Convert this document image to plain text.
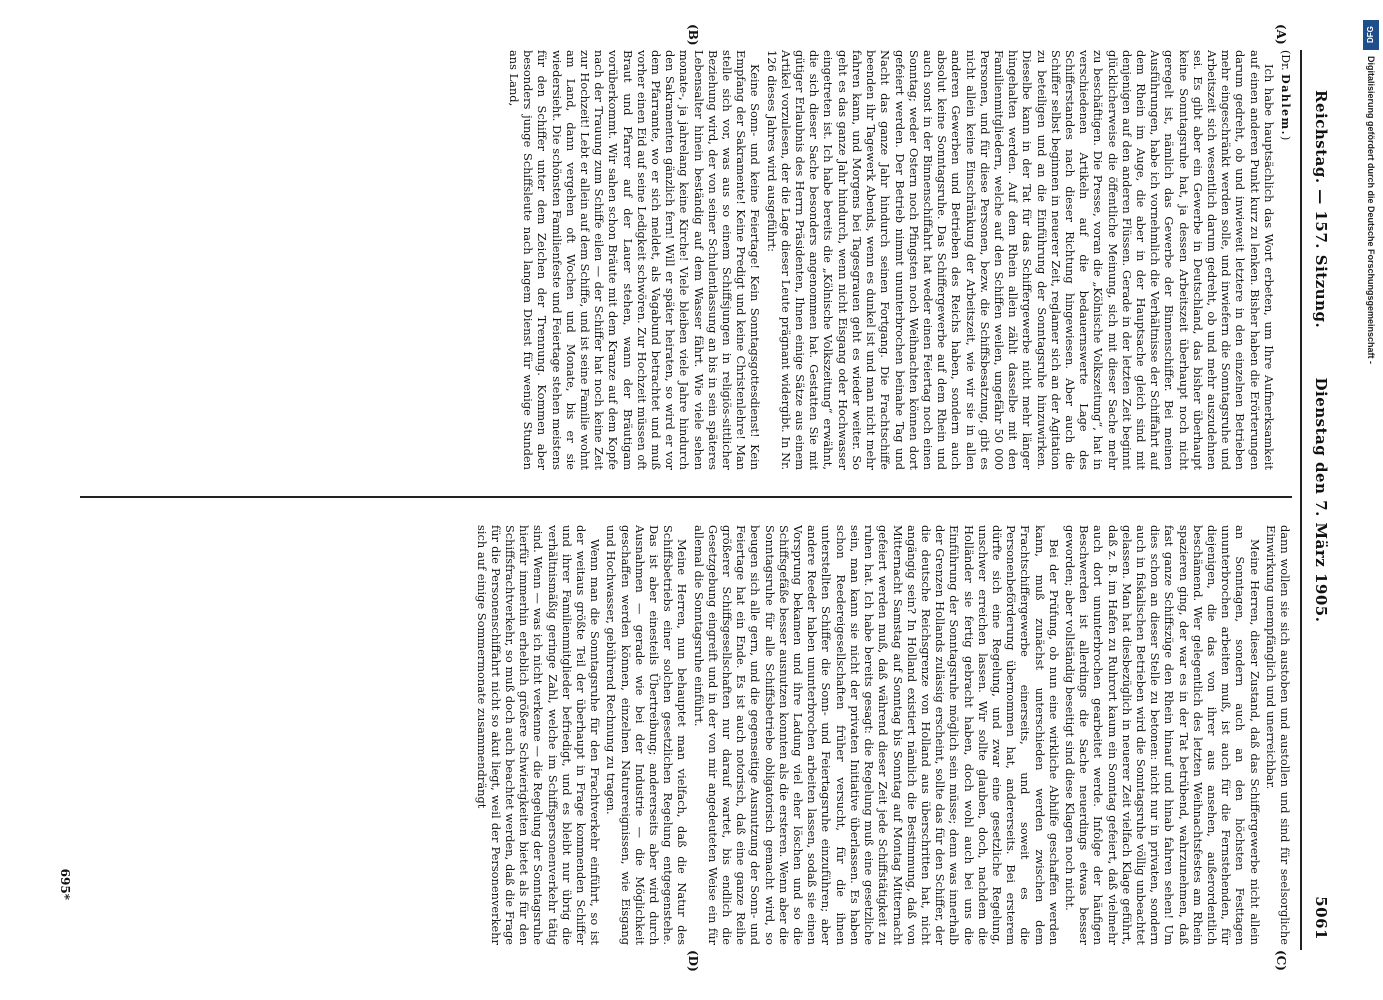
Reichstag. — 157. Sitzung.
Dienstag den 7. März 1905.
5061
(A)
(B)
(C)
(D)

(Dr. Dahlem.)

Ich habe hauptsächlich das Wort erbeten, um Ihre Aufmerksamkeit auf einen anderen Punkt kurz zu lenken. Bisher haben die Erörterungen darum gedreht, ob und inwieweit letztere in den einzelnen Betrieben mehr eingeschränkt werden solle, und inwiefern die Sonntagsruhe und Arbeitszeit sich wesentlich darum gedreht, ob und mehr auszudehnen sei. Es gibt aber ein Gewerbe in Deutschland, das bisher überhaupt keine Sonntagsruhe hat, ja dessen Arbeitszeit überhaupt noch nicht geregelt ist, nämlich das Gewerbe der Binnenschiffer. Bei meinen Ausführungen, habe ich vornehmlich die Verhältnisse der Schiffahrt auf dem Rhein im Auge, die aber in der Hauptsache gleich sind mit denjenigen auf den anderen Flüssen. Gerade in der letzten Zeit beginnt glücklicherweise die öffentliche Meinung, sich mit dieser Sache mehr zu beschäftigen. Die Presse, voran die „Kölnische Volkszeitung“, hat in verschiedenen Artikeln auf die bedauernswerte Lage des Schifferstandes nach dieser Richtung hingewiesen. Aber auch die Schiffer selbst beginnen in neuerer Zeit, reglamer sich an der Agitation zu beteiligen und an die Einführung der Sonntagsruhe hinzuwirken. Dieselbe kann in der Tat für das Schiffergewerbe nicht mehr länger hingehalten werden. Auf dem Rhein allein zählt dasselbe mit den Familienmitgliedern, welche auf den Schiffen weilen, ungefähr 50 000 Personen, und für diese Personen, bezw. die Schiffsbesatzung, gibt es nicht allein keine Einschränkung der Arbeitszeit, wie wir sie in allen anderen Gewerben und Betrieben des Reichs haben, sondern auch absolut keine Sonntagsruhe. Das Schiffergewerbe auf dem Rhein und auch sonst in der Binnenschiffahrt hat weder einen Feiertag noch einen Sonntag; weder Ostern noch Pfingsten noch Weihnachten können dort gefeiert werden. Der Betrieb nimmt ununterbrochen beinahe Tag und Nacht das ganze Jahr hindurch seinen Fortgang. Die Frachtschiffe beenden ihr Tagewerk Abends, wenn es dunkel ist und man nicht mehr fahren kann, und Morgens bei Tagesgrauen geht es wieder weiter. So geht es das ganze Jahr hindurch, wenn nicht Eisgang oder Hochwasser eingetreten ist. Ich habe bereits die „Kölnische Volkszeitung“ erwähnt, die sich dieser Sache besonders angenommen hat. Gestatten Sie mit gütiger Erlaubnis des Herrn Präsidenten, Ihnen einige Sätze aus einem Artikel vorzulesen, der die Lage dieser Leute prägnant widergibt. In Nr. 126 dieses Jahres wird ausgeführt:

Keine Sonn- und keine Feiertage! Kein Sonntagsgottesdienst! Kein Empfang der Sakramente! Keine Predigt und keine Christenlehre! Man stelle sich vor, was aus so einem Schiffsjungen in religiös-sittlicher Beziehung wird, der von seiner Schulentlassung an bis in sein späteres Lebensalter hinein beständig auf dem Wasser fährt. Wie viele sehen monate-, ja jahrelang keine Kirche! Viele bleiben viele Jahre hindurch den Sakramenten gänzlich fern! Will er später heiraten, so wird er vor dem Pfarramte, wo er sich meldet, als Vagabund betrachtet und muß vorher einen Eid auf seine Ledigkeit schwören. Zur Hochzeit müssen oft Braut und Pfarrer auf der Lauer stehen, wann der Bräutigam vorüberkommt. Wir sahen schon Bräute mit dem Kranze auf dem Kopfe nach der Trauung zum Schiffe eilen — der Schiffer hat noch keine Zeit zur Hochzeit! Lebt er allein auf dem Schiffe, und ist seine Familie wohnt am Land, dann vergehen oft Wochen und Monate, bis er sie wiedersieht. Die schönsten Familienfeste und Feiertage stehen meistens für den Schiffer unter dem Zeichen der Trennung. Kommen aber besonders junge Schiffsleute nach langem Dienst für wenige Stunden ans Land,

dann wollen sie sich austoben und austollen und sind für seelsorgliche Einwirkung unempfänglich und unerreichbar.

Meine Herren, dieser Zustand, daß das Schiffergewerbe nicht allein an Sonntagen, sondern auch an den höchsten Festtagen ununterbrochen arbeiten muß, ist auch für die Fernstehenden, für diejenigen, die das von ihrer aus ansehen, außerordentlich beschämend. Wer gelegentlich des letzten Weihnachtsfestes am Rhein spazieren ging, der war es in der Tat betrübend, wahrzunehmen, daß fast ganze Schiffszüge den Rhein hinauf und hinab fahren sehen! Um dies schon an dieser Stelle zu betonen: nicht nur in privaten, sondern auch in fiskalischen Betrieben wird die Sonntagsruhe völlig unbeachtet gelassen. Man hat diesbezüglich in neuerer Zeit vielfach Klage geführt, daß z. B. im Hafen zu Ruhrort kaum ein Sonntag gefeiert, daß vielmehr auch dort ununterbrochen gearbeitet werde. Infolge der häufigen Beschwerden ist allerdings die Sache neuerdings etwas besser geworden; aber vollständig beseitigt sind diese Klagen noch nicht.

Bei der Prüfung, ob nun eine wirkliche Abhilfe geschaffen werden kann, muß zunächst unterschieden werden zwischen dem Frachtschiffergewerbe einerseits, und soweit es die Personenbeförderung übernommen hat, andererseits. Bei ersterem dürfte sich eine Regelung, und zwar eine gesetzliche Regelung, unschwer erreichen lassen. Wir sollte glauben, doch, nachdem die Holländer sie fertig gebracht haben, doch wohl auch bei uns die Einführung der Sonntagsruhe möglich sein müsse; denn was innerhalb der Grenzen Hollands zulässig erscheint, sollte das für den Schiffer, der die deutsche Reichsgrenze von Holland aus überschritten hat, nicht angängig sein? In Holland existiert nämlich die Bestimmung, daß von Mitternacht Samstag auf Sonntag bis Sonntag auf Montag Mitternacht gefeiert werden muß, daß während dieser Zeit jede Schiffstätigkeit zu ruhen hat. Ich habe bereits gesagt: die Regelung muß eine gesetzliche sein, man kann sie nicht der privaten Initiative überlassen. Es haben schon Reedereigesellschaften früher versucht, für die ihnen unterstellten Schiffer die Sonn- und Feiertagsruhe einzuführen; aber andere Reeder haben ununterbrochen arbeiten lassen, sodaß sie einen Vorsprung bekamen und ihre Ladung viel eher löschen und so die Schiffsgefäße besser ausnutzen konnten als die ersteren. Wenn aber die Sonntagsruhe für alle Schiffsbetriebe obligatorisch gemacht wird, so beugen sich alle gern, und die gegenseitige Ausnutzung der Sonn- und Feiertage hat ein Ende. Es ist auch notorisch, daß eine ganze Reihe größerer Schiffsgesellschaften nur darauf wartet, bis endlich die Gesetzgebung eingreift und in der von mir angedeuteten Weise ein für allemal die Sonntagsruhe einführt.

Meine Herren, nun behauptet man vielfach, daß die Natur des Schiffsbetriebs einer solchen gesetzlichen Regelung entgegenstehe. Das ist aber einesteils Übertreibung; andererseits aber wird durch Ausnahmen — gerade wie bei der Industrie — die Möglichkeit geschaffen werden können, einzelnen Naturereignissen, wie Eisgang und Hochwasser, gebührend Rechnung zu tragen.

Wenn man die Sonntagsruhe für den Frachtverkehr einführt, so ist der weitaus größte Teil der überhaupt in Frage kommenden Schiffer und ihrer Familienmitglieder befriedigt, und es bleibt nur übrig die verhältnismäßig geringe Zahl, welche im Schiffspersonenverkehr tätig sind. Wenn — was ich nicht verkenne — die Regelung der Sonntagsruhe hierfür immerhin erheblich größere Schwierigkeiten bietet als für den Schiffsfrachtverkehr, so muß doch auch beachtet werden, daß die Frage für die Personenschiffahrt nicht so akut liegt, weil der Personenverkehr sich auf einige Sommermonate zusammendrängt

695*
DFG
Digitalisierung gefördert durch die Deutsche Forschungsgemeinschaft -
